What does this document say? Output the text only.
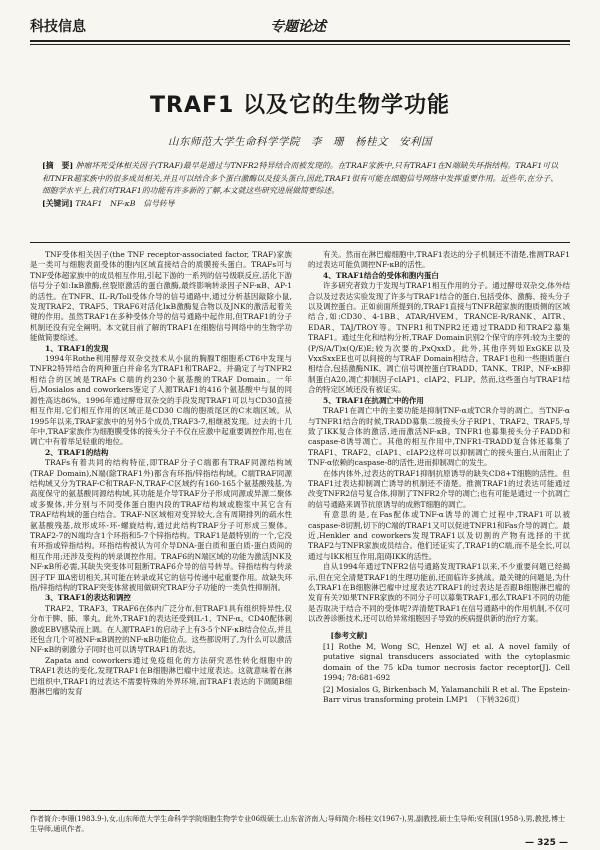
科技信息	专题论述
TRAF1 以及它的生物学功能
山东师范大学生命科学学院　李　珊　杨桂文　安利国
[摘　要] 肿瘤坏死受体相关因子(TRAF)最早是通过与TNFR2特异结合而被发现的。在TRAF家族中,只有TRAF1在N端缺失环指结构。TRAF1可以和TNFR超家族中的很多成员相关,并且可以结合多个蛋白激酶以及接头蛋白,因此,TRAF1很有可能在细胞信号网络中发挥重要作用。近些年,在分子、细胞学水平上,我们对TRAF1的功能有许多新的了解,本文就这些研究进展做简要综述。
[关键词] TRAF1　NF-κB　信号转导

TNF受体相关因子(the TNF receptor-associated factor, TRAF)家族是一类可与细胞表面受体的胞内区域直接结合的质膜接头蛋白。TRAFs可与TNF受体超家族中的成员相互作用,引起下游的一系列的信号级联反应,活化下游信号分子如:IκB激酶,丝裂原激活的蛋白激酶,最终影响转录因子NF-κB、AP-1的活性。在TNFR、IL-R/Toll受体介导的信号通路中,通过分析基因敲除小鼠,发现TRAF2、TRAF5、TRAF6对活化IκB激酶复合物以及JNK的激活起着关键的作用。虽然TRAF1在多种受体介导的信号通路中起作用,但TRAF1的分子机制还没有完全阐明。本文就目前了解的TRAF1在细胞信号网络中的生物学功能做简要综述。

1、TRAF1的发现

1994年Rothe利用酵母双杂交技术从小鼠的胸腺T细胞系CT6中发现与TNFR2特异结合的两种蛋白并命名为TRAF1和TRAF2。并确定了与TNFR2相结合的区域是TRAFs C端的约230个氨基酸的TRAF Domain。一年后,Mosialos and coworkers鉴定了人源TRAF1的416个氨基酸中与鼠的同源性高达86%。1996年通过酵母双杂交的手段发现TRAF1可以与CD30直接相互作用,它们相互作用的区域正是CD30 C端的胞质尾区的C末端区域。从1995年以来,TRAF家族中的另外5个成员,TRAF3-7,相继被发现。过去的十几年中,TRAF家族作为细胞膜受体的接头分子不仅在应激中起重要调控作用,也在调亡中有着举足轻重的地位。

2、TRAF1的结构

TRAFs有着共同的结构特征,即TRAF分子C端都有TRAF同源结构域(TRAF Domain),N端(除TRAF1外)都含有环指/锌指结构域。C端TRAF同源结构域又分为TRAF-C和TRAF-N,TRAF-C区域约有160-165个氨基酸残基,为高度保守的氨基酸同源结构域,其功能是介导TRAF分子形成同源或异源二聚体或多聚体,并分别与不同受体蛋白胞内段的TRAF结构域或胞浆中其它含有TRAF结构域的蛋白结合。TRAF-N区域相对变异较大,含有周期排列的疏水性氨基酸残基,故形成环-环-螺旋结构,通过此结构TRAF分子可形成三聚体。TRAF2-7的N端均含1个环指和5-7个锌指结构。TRAF1是最特别的一个,它没有环指或锌指结构。环指结构被认为可介导DNA-蛋白质和蛋白质-蛋白质间的相互作用;还涉及变构的转录调控作用。TRAF6的N端区域的功能为激活JNK及NF-κB所必需,其缺失突变体可阻断TRAF6介导的信号转导。锌指结构与转录因子TF ⅢA密切相关,其可能在转录或其它的信号传递中起重要作用。故缺失环指/锌指结构的TRAF突变体常被用做研究TRAF分子功能的一类负性抑制剂。

3、TRAF1的表达和调控

TRAF2、TRAF3、TRAF6在体内广泛分布,但TRAF1具有组织特异性,仅分布于脾、肺、睾丸。此外,TRAF1的表达还受到IL-1、TNF-α、CD40配体刺激或EBV感染而上调。在人源TRAF1的启动子上有3-5个NF-κB结合位点,并且还包含几个可被NF-κB调控的NF-κB功能位点。这些都说明了,为什么可以激活NF-κB的刺激分子同时也可以诱导TRAF1的表达。

Zapata and coworkers通过免疫组化的方法研究恶性转化细胞中的TRAF1表达的变化,发现TRAF1在B细胞淋巴瘤中过度表达。这就意味着在淋巴组织中,TRAF1的过表达不需要特殊的外界环境,而TRAF1表达的下调随B细胞淋巴瘤的发育

有关。然而在淋巴瘤细胞中,TRAF1表达的分子机制还不清楚,推测TRAF1的过表达可能负调控NF-κB的活性。

4、TRAF1结合的受体和胞内蛋白

许多研究者致力于发现与TRAF1相互作用的分子。通过酵母双杂交,体外结合以及过表达实验发现了许多与TRAF1结合的蛋白,包括受体、激酶、接头分子以及调控蛋白。正如前面所提到的,TRAF1直接与TNFR超家族的胞质侧的区域结合,如:CD30、4-1BB、ATAR/HVEM、TRANCE-R/RANK、AITR、EDAR、TAJ/TROY等。TNFR1和TNFR2还通过TRADD和TRAF2募集TRAF1。通过生化和结构分析,TRAF Domain识别2个保守的序列:较为主要的(P/S/A/T)x(Q/E)E;较为次要的,PxQxxD。此外,其他序列如ExGKE以及VxxSxxEE也可以间接的与TRAF Domain相结合。TRAF1也和一些胞质蛋白相结合,包括激酶NIK、凋亡信号调控蛋白TRADD、TANK、TRIP、NF-κB抑制蛋白A20,凋亡抑制因子cIAP1、cIAP2、FLIP。然而,这些蛋白与TRAF1结合的特定区域还没有被证实。

5、TRAF1在抗凋亡中的作用

TRAF1在凋亡中的主要功能是抑制TNF-α或TCR介导的凋亡。当TNF-α与TNFR1结合的时候,TRADD募集二级接头分子RIP1、TRAF2、TRAF5,导致了IKK复合体的激活,进而激活NF-κB。TNFR1也募集接头分子FADD和caspase-8诱导凋亡。其他的相互作用中,TNFR1-TRADD复合体还募集了TRAF1、TRAF2、cIAP1、cIAP2这样可以抑制凋亡的接头蛋白,从而阻止了TNF-α依赖的caspase-8的活性,进而抑制凋亡的发生。

在体内体外,过表达的TRAF1抑制抗原诱导的缺失CD8+T细胞的活性。但TRAF1过表达抑制凋亡诱导的机制还不清楚。推测TRAF1的过表达可能通过改变TNFR2信号复合体,抑制了TNFR2介导的凋亡;也有可能是通过一个抗凋亡的信号通路来调节抗原诱导的成熟T细胞的凋亡。

有意思的是,在Fas配体或TNF-α诱导的凋亡过程中,TRAF1可以被caspase-8切割,切下的C端的TRAF1又可以促进TNFR1和Fas介导的凋亡。最近,Henkler and coworkers发现TRAF1以及切割的产物有选择的干扰TRAF2与TNFR家族成员结合。他们还证实了,TRAF1的C端,而不是全长,可以通过与IKK相互作用,阻碍IKK的活性。

自从1994年通过TNFR2信号通路发现TRAF1以来,不少重要问题已经揭示,但在完全清楚TRAF1的生理功能前,还面临许多挑战。最关键的问题是,为什么TRAF1在B细胞淋巴瘤中过度表达?TRAF1的过表达是否跟B细胞淋巴瘤的发育有关?如果TNFR家族的不同分子可以募集TRAF1,那么TRAF1不同的功能是否取决于结合不同的受体呢?弄清楚TRAF1在信号通路中的作用机制,不仅可以改善诊断技术,还可以给异常细胞因子导致的疾病提供新的治疗方案。

[参考文献]

[1] Rothe M, Wong SC, Henzel WJ et al. A novel family of putative signal transducers associated with the cytoplasmic domain of the 75 kDa tumor necrosis factor receptor[J]. Cell 1994; 78:681-692

[2] Mosialos G, Birkenbach M, Yalamanchili R et al. The Epstein-Barr virus transforming protein LMP1　（下转326页）

作者简介:李珊(1983.9-),女,山东师范大学生命科学学院细胞生物学专业06级硕士,山东省济南人;导师简介:杨桂文(1967-),男,副教授,硕士生导师;安利国(1958-),男,教授,博士生导师,通讯作者。
— 325 —
